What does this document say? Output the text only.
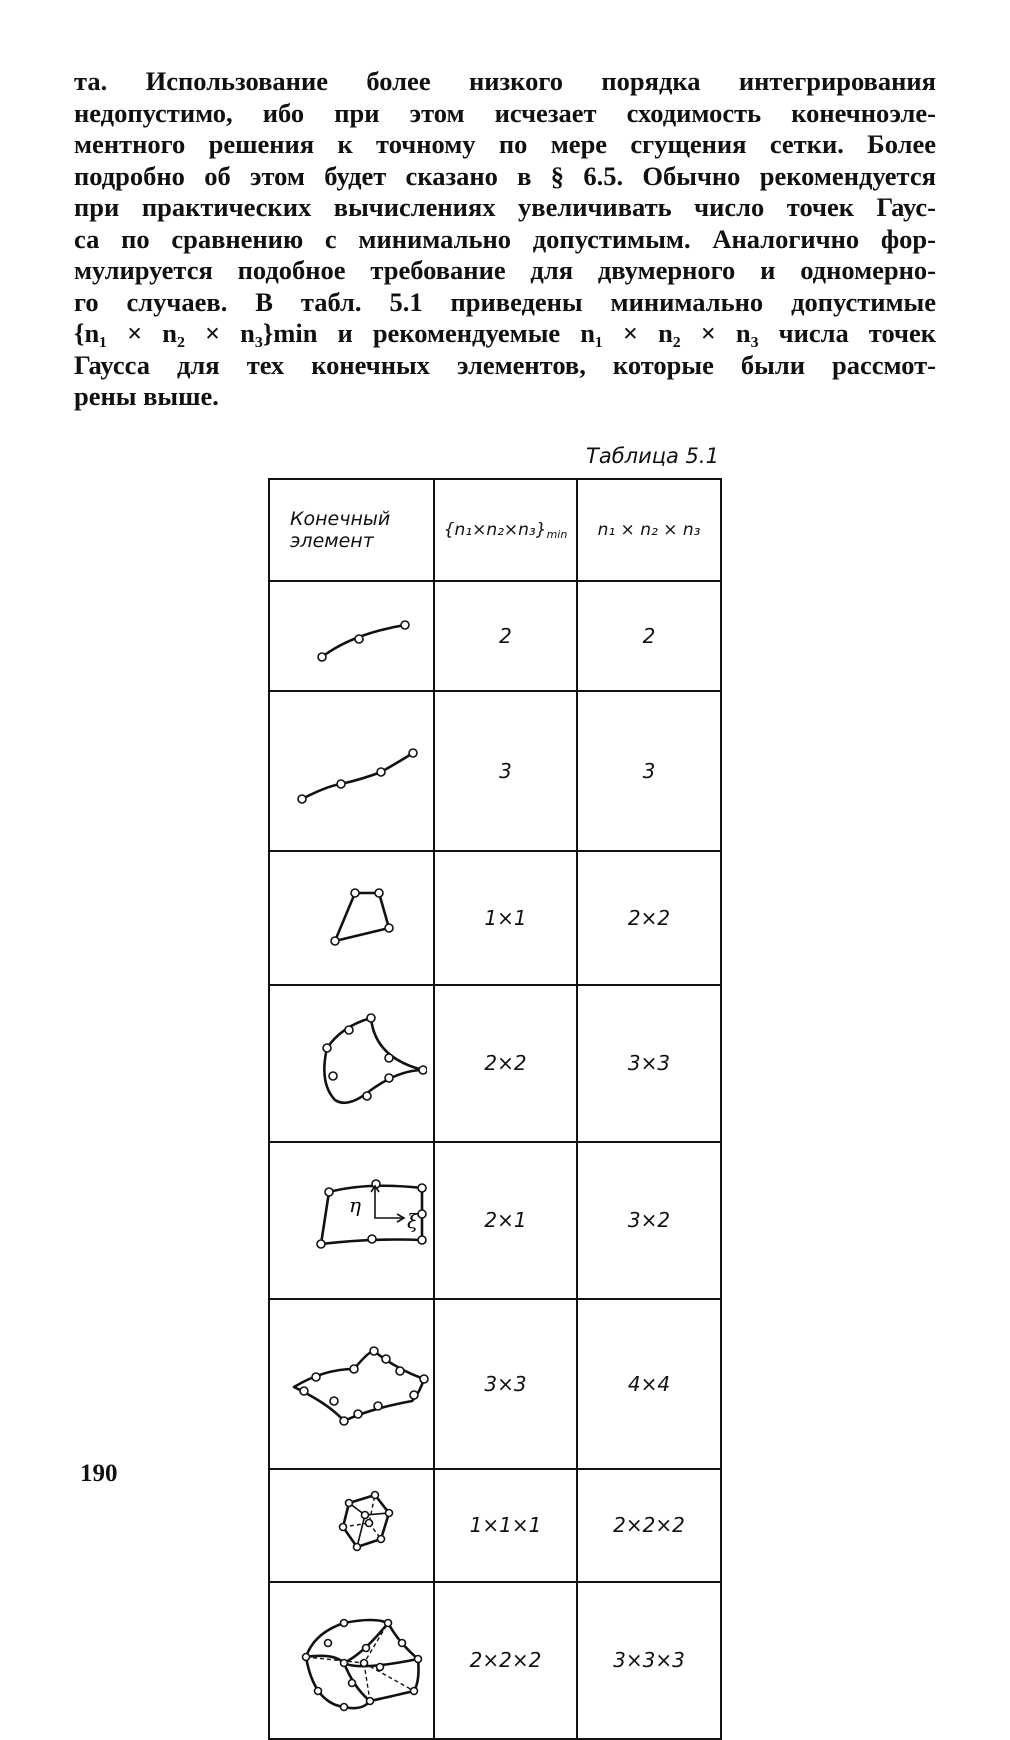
та. Использование более низкого порядка интегрирования
недопустимо, ибо при этом исчезает сходимость конечноэле-
ментного решения к точному по мере сгущения сетки. Более
подробно об этом будет сказано в § 6.5. Обычно рекомендуется
при практических вычислениях увеличивать число точек Гаус-
са по сравнению с минимально допустимым. Аналогично фор-
мулируется подобное требование для двумерного и одномерно-
го случаев. В табл. 5.1 приведены минимально допустимые
{n₁ × n₂ × n₃}min и рекомендуемые n₁ × n₂ × n₃ числа точек
Гаусса для тех конечных элементов, которые были рассмот-
рены выше.
Таблица 5.1
Конечный
элемент	$\{n_1\times n_2\times n_3\}_{min}$	n₁ × n₂ × n₃

	2	2

	3	3

	1×1	2×2

	2×2	3×3

η
ξ	2×1	3×2

	3×3	4×4

	1×1×1	2×2×2

	2×2×2	3×3×3
190
